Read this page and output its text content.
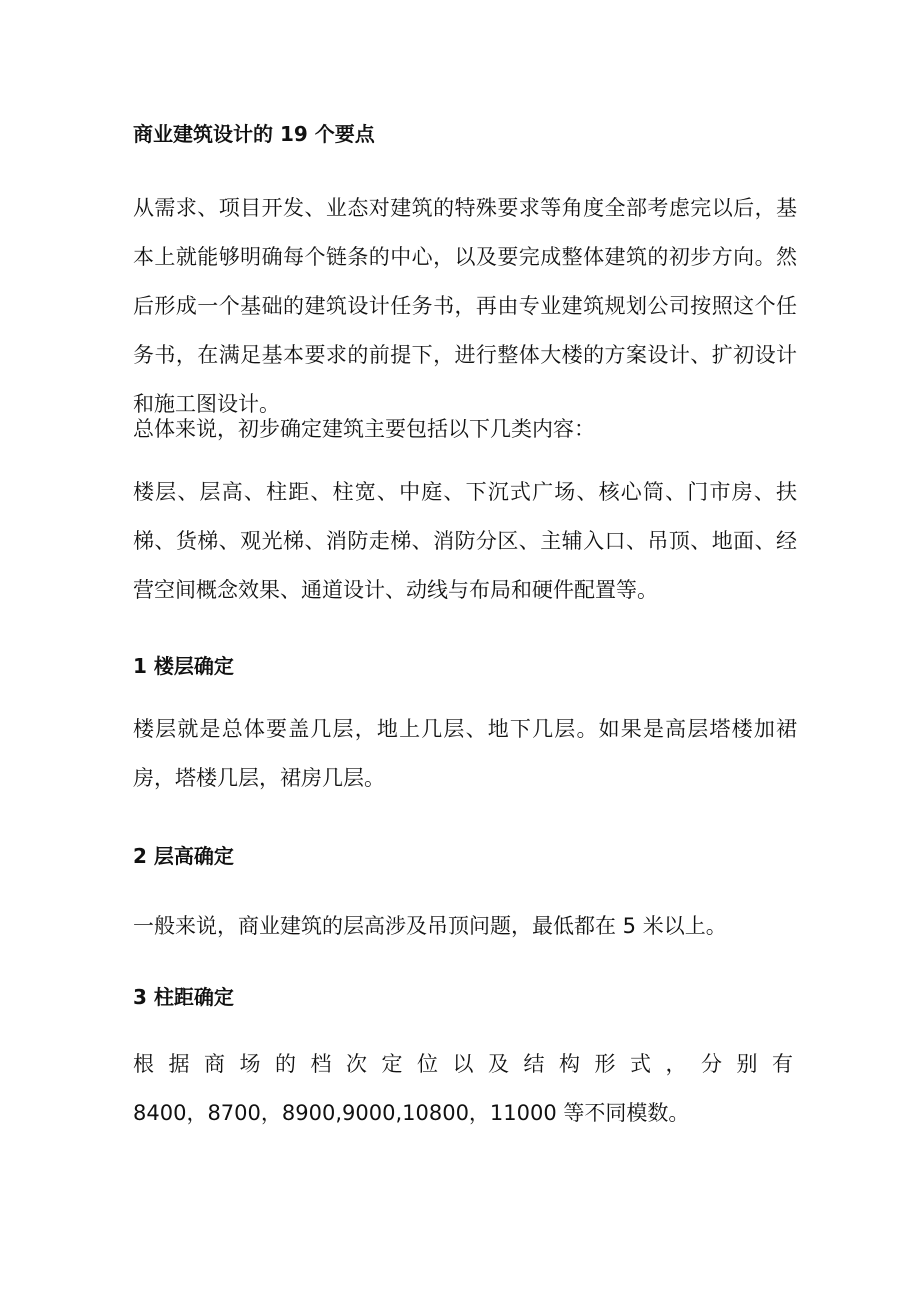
商业建筑设计的 19 个要点

从需求、项目开发、业态对建筑的特殊要求等角度全部考虑完以后，基本上就能够明确每个链条的中心，以及要完成整体建筑的初步方向。然后形成一个基础的建筑设计任务书，再由专业建筑规划公司按照这个任务书，在满足基本要求的前提下，进行整体大楼的方案设计、扩初设计和施工图设计。

总体来说，初步确定建筑主要包括以下几类内容：

楼层、层高、柱距、柱宽、中庭、下沉式广场、核心筒、门市房、扶梯、货梯、观光梯、消防走梯、消防分区、主辅入口、吊顶、地面、经营空间概念效果、通道设计、动线与布局和硬件配置等。

1 楼层确定

楼层就是总体要盖几层，地上几层、地下几层。如果是高层塔楼加裙房，塔楼几层，裙房几层。

2 层高确定

一般来说，商业建筑的层高涉及吊顶问题，最低都在 5 米以上。

3 柱距确定

根 据 商 场 的 档 次 定 位 以 及 结 构 形 式 ， 分 别 有

8400，8700，8900,9000,10800，11000 等不同模数。
